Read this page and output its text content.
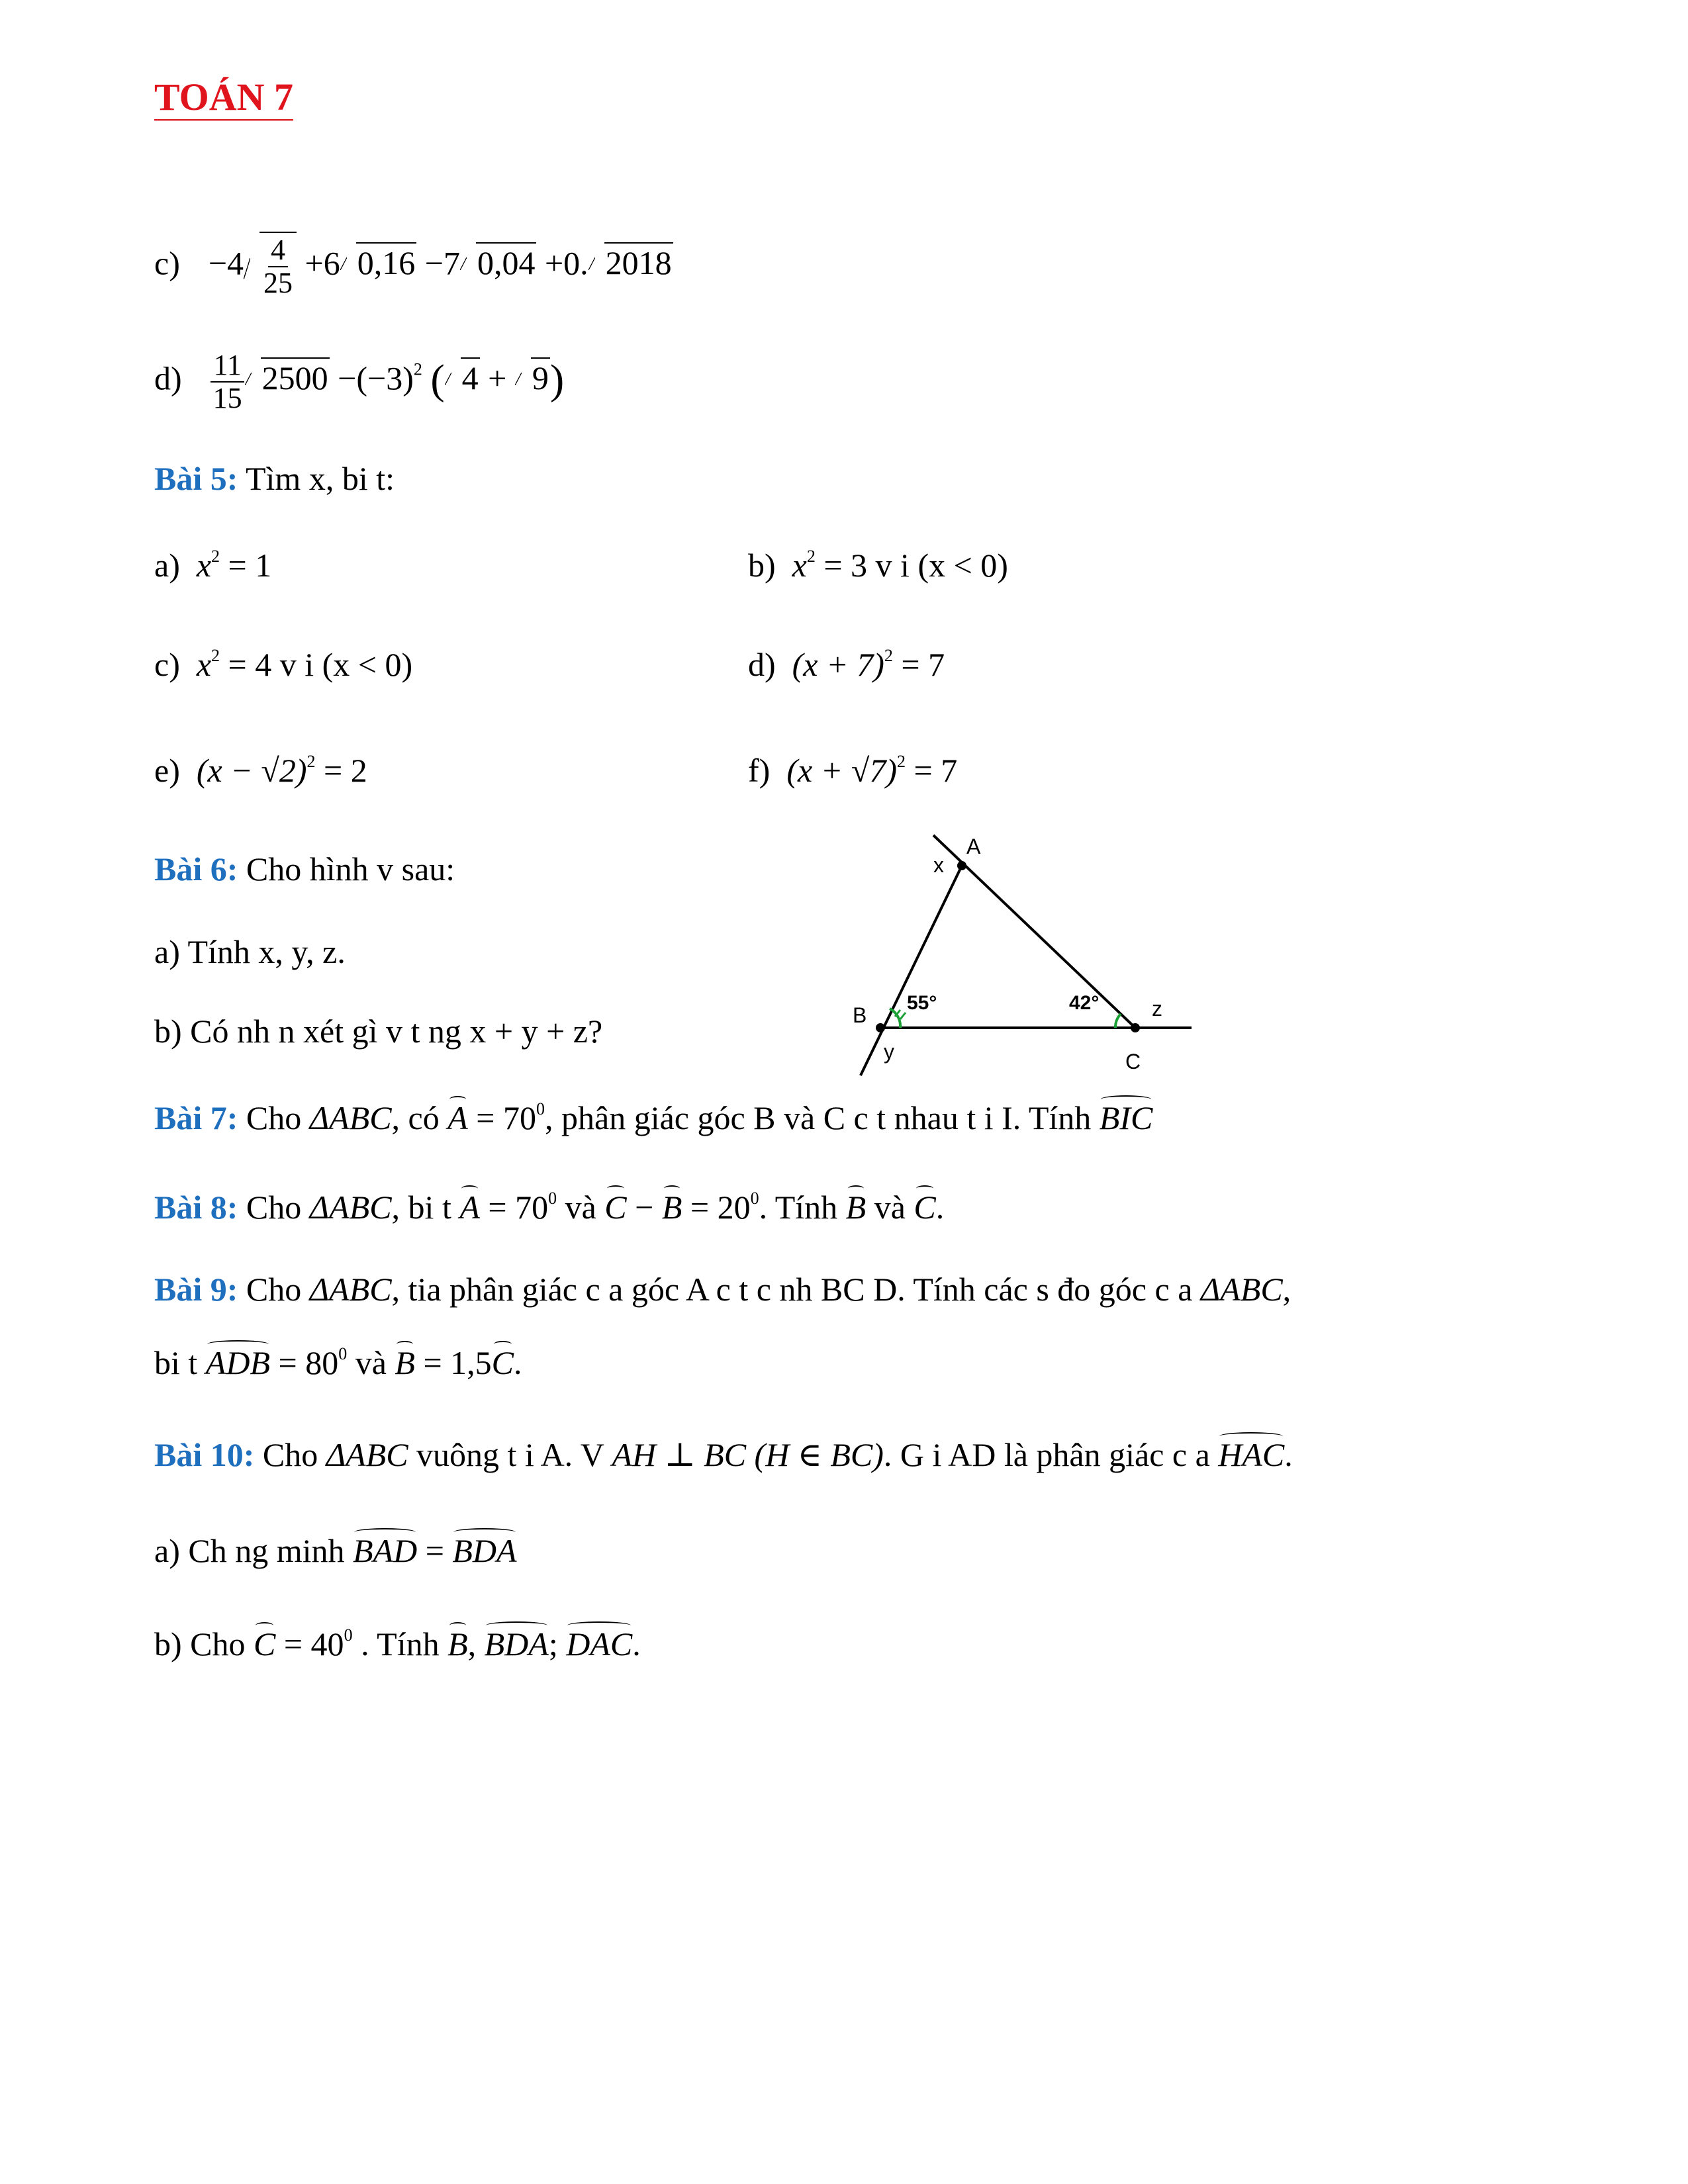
TOÁN 7
$c) -4 \frac{4}{25} +6$ 0,16 −7 0,04 +0. 2018
$d) \frac{11}{15} 2500 -(-3)^2$ ( 4 + 9)
Bài 5: Tìm x, bi t:
a) $x^2 = 1$	b) $x^2 = 3$ v i (x < 0)
c) $x^2 = 4$ v i (x < 0)	d) $(x + 7)^2 = 7$
e) $(x - √2)^2 = 2$	f) $(x + √7)^2 = 7$
Bài 6: Cho hình v sau:
a) Tính x, y, z.
b) Có nh n xét gì v t ng x + y + z?
A
x
B
y	C
z
55°	42°
Bài 7: Cho ΔABC, có $A = 70^0$, phân giác góc B và C c t nhau t i I. Tính BIC
Bài 8: Cho ΔABC, bi t $A = 70^0$ và $C - B = 20^0$. Tính B và C.
Bài 9: Cho ΔABC, tia phân giác c a góc A c t c nh BC D. Tính các s đo góc c a ΔABC,
bi t ADB = $80^0$ và B = 1,5C.
Bài 10: Cho ΔABC vuông t i A. V AH ⊥ BC (H ∈ BC). G i AD là phân giác c a HAC.
a) Ch ng minh BAD = BDA
b) Cho $C = 40^0$ . Tính B, BDA; DAC.
